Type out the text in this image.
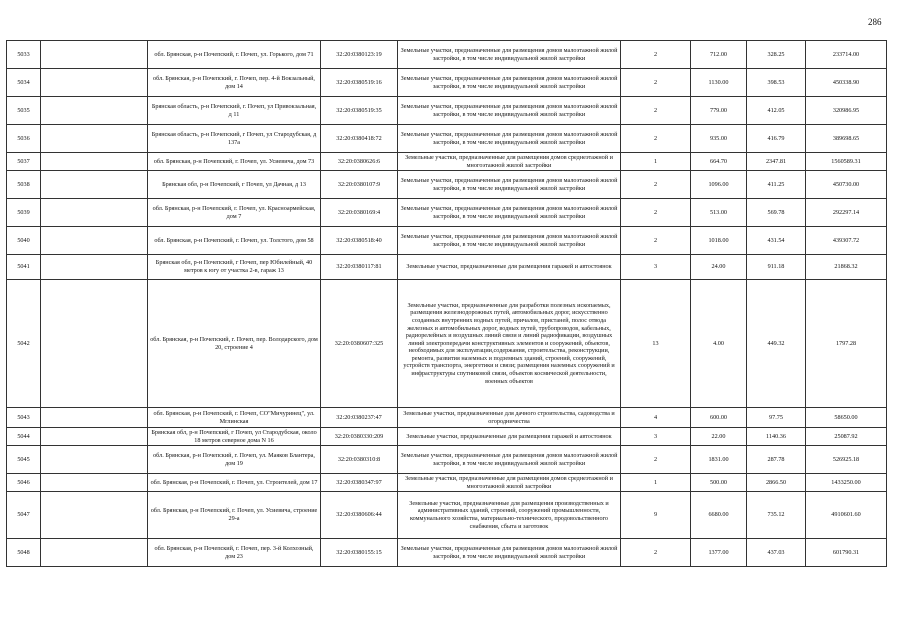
286
5033		обл. Брянская, р-н Почепский, г. Почеп, ул. Горького, дом 71	32:20:0380123:19	Земельные участки, предназначенные для размещения домов малоэтажной жилой застройки, в том числе индивидуальной жилой застройки	2	712.00	328.25	233714.00
5034		обл. Брянская, р-н Почепский, г. Почеп, пер. 4-й Вокзальный, дом 14	32:20:0380519:16	Земельные участки, предназначенные для размещения домов малоэтажной жилой застройки, в том числе индивидуальной жилой застройки	2	1130.00	398.53	450338.90
5035		Брянская область, р-н Почепский, г. Почеп, ул Привокзальная, д 11	32:20:0380519:35	Земельные участки, предназначенные для размещения домов малоэтажной жилой застройки, в том числе индивидуальной жилой застройки	2	779.00	412.05	320986.95
5036		Брянская область, р-н Почепский, г Почеп, ул Стародубская, д 137а	32:20:0380418:72	Земельные участки, предназначенные для размещения домов малоэтажной жилой застройки, в том числе индивидуальной жилой застройки	2	935.00	416.79	389698.65
5037		обл. Брянская, р-н Почепский, г. Почеп, ул. Усиевича, дом 73	32:20:0380626:6	Земельные участки, предназначенные для размещения домов среднеэтажной и многоэтажной жилой застройки	1	664.70	2347.81	1560589.31
5038		Брянская обл, р-н Почепский, г Почеп, ул Дачная, д 13	32:20:0380107:9	Земельные участки, предназначенные для размещения домов малоэтажной жилой застройки, в том числе индивидуальной жилой застройки	2	1096.00	411.25	450730.00
5039		обл. Брянская, р-н Почепский, г. Почеп, ул. Красноармейская, дом 7	32:20:0380169:4	Земельные участки, предназначенные для размещения домов малоэтажной жилой застройки, в том числе индивидуальной жилой застройки	2	513.00	569.78	292297.14
5040		обл. Брянская, р-н Почепский, г. Почеп, ул. Толстого, дом 58	32:20:0380518:40	Земельные участки, предназначенные для размещения домов малоэтажной жилой застройки, в том числе индивидуальной жилой застройки	2	1018.00	431.54	439307.72
5041		Брянская обл, р-н Почепский, г Почеп, пер Юбилейный, 40 метров к югу от участка 2-в, гараж 13	32:20:0380117:81	Земельные участки, предназначенные для размещения гаражей и автостоянок	3	24.00	911.18	21868.32
5042		обл. Брянская, р-н Почепский, г. Почеп, пер. Володарского, дом 20, строение 4	32:20:0380607:325	Земельные участки, предназначенные для разработки полезных ископаемых, размещения железнодорожных путей, автомобильных дорог, искусственно созданных внутренних водных путей, причалов, пристаней, полос отвода железных и автомобильных дорог, водных путей, трубопроводов, кабельных, радиорелейных и воздушных линий связи и линий радиофикации, воздушных линий электропередачи конструктивных элементов и сооружений, объектов, необходимых для эксплуатации,содержания, строительства, реконструкции, ремонта, развития наземных и подземных зданий, строений, сооружений, устройств транспорта, энергетики и связи; размещения наземных сооружений и инфраструктуры спутниковой связи, объектов космической деятельности, военных объектов	13	4.00	449.32	1797.28
5043		обл. Брянская, р-н Почепский, г. Почеп, СО"Мичуринец", ул. Мглинская	32:20:0380237:47	Земельные участки, предназначенные для дачного строительства, садоводства и огородничества	4	600.00	97.75	58650.00
5044		Брянская обл, р-н Почепский, г Почеп, ул Стародубская, около 18 метров северное дома N 16	32:20:0380330:209	Земельные участки, предназначенные для размещения гаражей и автостоянок	3	22.00	1140.36	25087.92
5045		обл. Брянская, р-н Почепский, г. Почеп, ул. Маяков Блантера, дом 19	32:20:0380310:8	Земельные участки, предназначенные для размещения домов малоэтажной жилой застройки, в том числе индивидуальной жилой застройки	2	1831.00	287.78	526925.18
5046		обл. Брянская, р-н Почепский, г. Почеп, ул. Строителей, дом 17	32:20:0380347:97	Земельные участки, предназначенные для размещения домов среднеэтажной и многоэтажной жилой застройки	1	500.00	2866.50	1433250.00
5047		обл. Брянская, р-н Почепский, г. Почеп, ул. Усиевича, строение 29-а	32:20:0380606:44	Земельные участки, предназначенные для размещения производственных и административных зданий, строений, сооружений промышленности, коммунального хозяйства, материально-технического, продовольственного снабжения, сбыта и заготовок	9	6680.00	735.12	4910601.60
5048		обл. Брянская, р-н Почепский, г. Почеп, пер. 3-й Колхозный, дом 23	32:20:0380155:15	Земельные участки, предназначенные для размещения домов малоэтажной жилой застройки, в том числе индивидуальной жилой застройки	2	1377.00	437.03	601790.31
